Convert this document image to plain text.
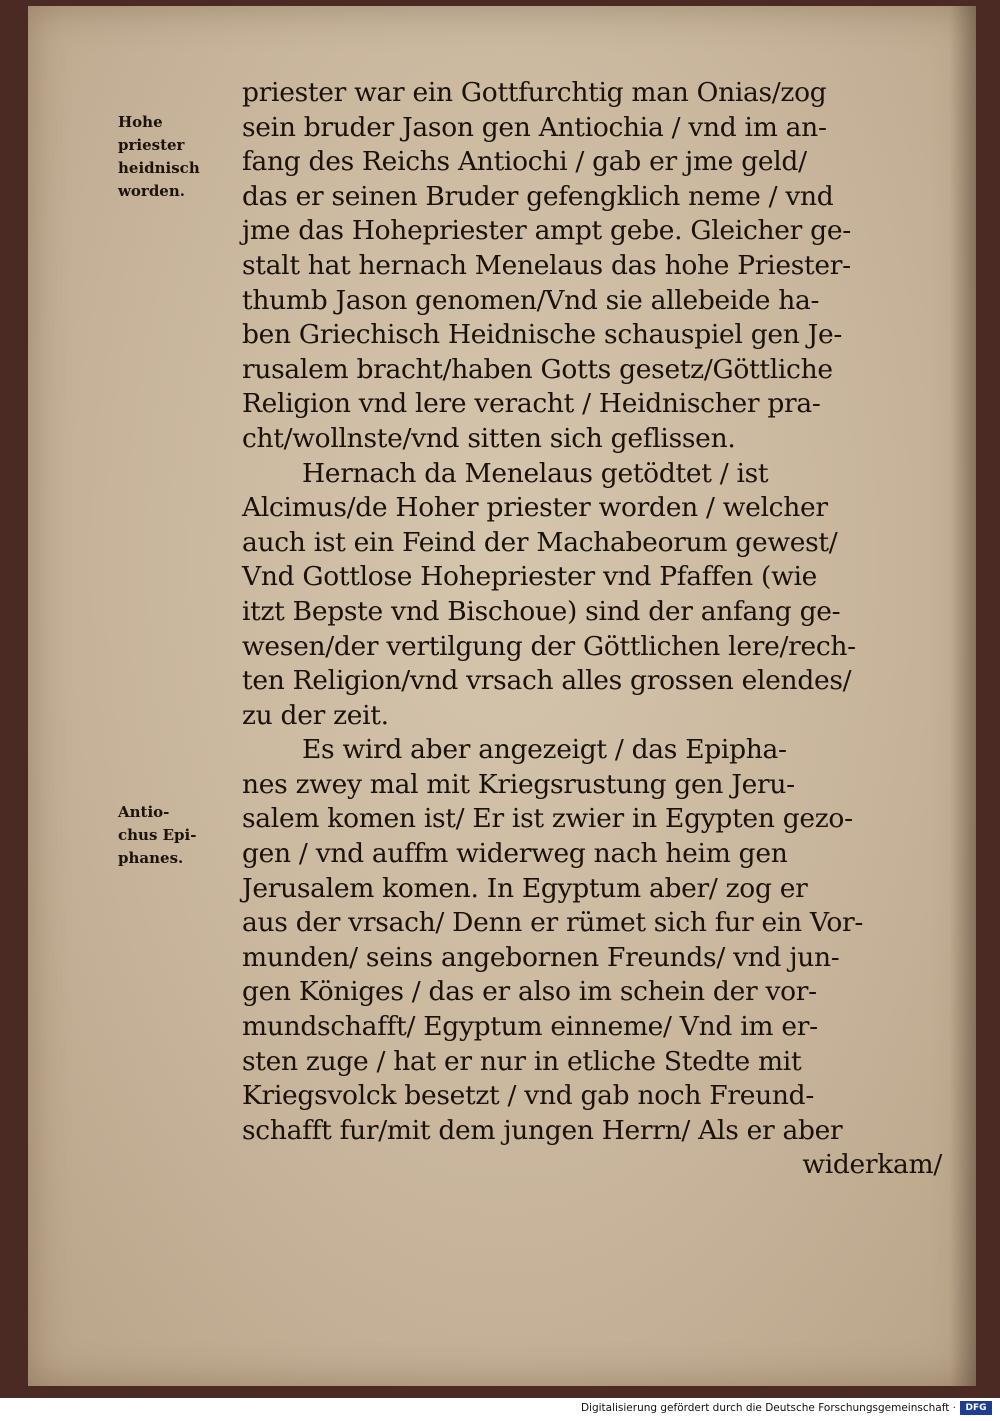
Hohe
priester
heidnisch
worden.
Antio-
chus Epi-
phanes.
priester war ein Gottfurchtig man Onias/zog
sein bruder Jason gen Antiochia / vnd im an-
fang des Reichs Antiochi / gab er jme geld/
das er seinen Bruder gefengklich neme / vnd
jme das Hohepriester ampt gebe. Gleicher ge-
stalt hat hernach Menelaus das hohe Priester-
thumb Jason genomen/Vnd sie allebeide ha-
ben Griechisch Heidnische schauspiel gen Je-
rusalem bracht/haben Gotts gesetz/Göttliche
Religion vnd lere veracht / Heidnischer pra-
cht/wollnste/vnd sitten sich geflissen.
Hernach da Menelaus getödtet / ist
Alcimus/de Hoher priester worden / welcher
auch ist ein Feind der Machabeorum gewest/
Vnd Gottlose Hohepriester vnd Pfaffen (wie
itzt Bepste vnd Bischoue) sind der anfang ge-
wesen/der vertilgung der Göttlichen lere/rech-
ten Religion/vnd vrsach alles grossen elendes/
zu der zeit.
Es wird aber angezeigt / das Epipha-
nes zwey mal mit Kriegsrustung gen Jeru-
salem komen ist/ Er ist zwier in Egypten gezo-
gen / vnd auffm widerweg nach heim gen
Jerusalem komen. In Egyptum aber/ zog er
aus der vrsach/ Denn er rümet sich fur ein Vor-
munden/ seins angebornen Freunds/ vnd jun-
gen Königes / das er also im schein der vor-
mundschafft/ Egyptum einneme/ Vnd im er-
sten zuge / hat er nur in etliche Stedte mit
Kriegsvolck besetzt / vnd gab noch Freund-
schafft fur/mit dem jungen Herrn/ Als er aber
widerkam/
Digitalisierung gefördert durch die Deutsche Forschungsgemeinschaft ·	DFG
